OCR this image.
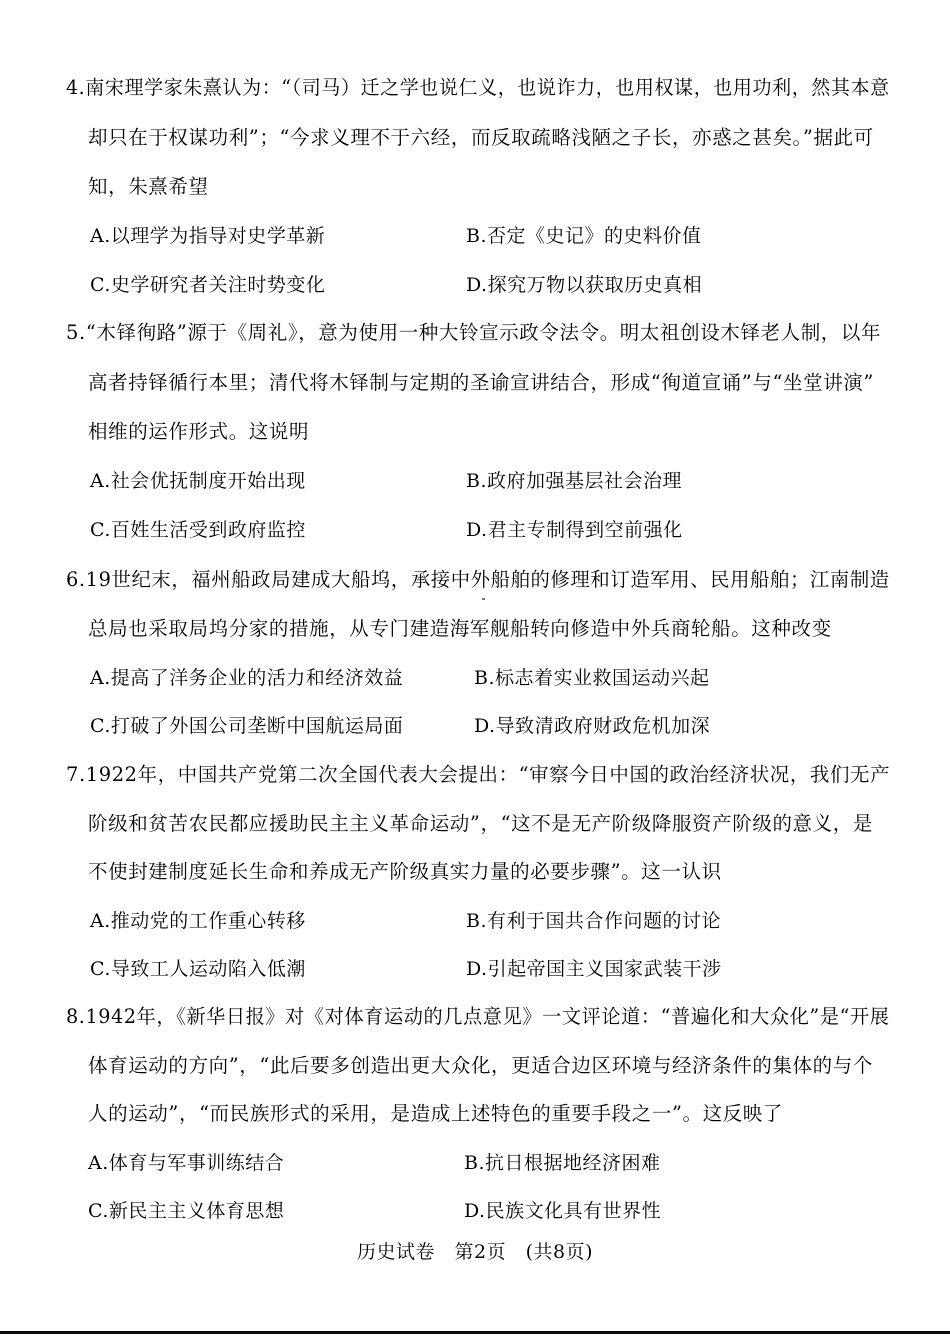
4.南宋理学家朱熹认为：“（司马）迁之学也说仁义，也说诈力，也用权谋，也用功利，然其本意
却只在于权谋功利”；“今求义理不于六经，而反取疏略浅陋之子长，亦惑之甚矣。”据此可
知，朱熹希望
A.以理学为指导对史学革新	B.否定《史记》的史料价值
C.史学研究者关注时势变化	D.探究万物以获取历史真相
5.“木铎徇路”源于《周礼》，意为使用一种大铃宣示政令法令。明太祖创设木铎老人制，以年
高者持铎循行本里；清代将木铎制与定期的圣谕宣讲结合，形成“徇道宣诵”与“坐堂讲演”
相维的运作形式。这说明
A.社会优抚制度开始出现	B.政府加强基层社会治理
C.百姓生活受到政府监控	D.君主专制得到空前强化
6.19世纪末，福州船政局建成大船坞，承接中外船舶的修理和订造军用、民用船舶；江南制造
总局也采取局坞分家的措施，从专门建造海军舰船转向修造中外兵商轮船。这种改变
A.提高了洋务企业的活力和经济效益	B.标志着实业救国运动兴起
C.打破了外国公司垄断中国航运局面	D.导致清政府财政危机加深
7.1922年，中国共产党第二次全国代表大会提出：“审察今日中国的政治经济状况，我们无产
阶级和贫苦农民都应援助民主主义革命运动”，“这不是无产阶级降服资产阶级的意义，是
不使封建制度延长生命和养成无产阶级真实力量的必要步骤”。这一认识
A.推动党的工作重心转移	B.有利于国共合作问题的讨论
C.导致工人运动陷入低潮	D.引起帝国主义国家武装干涉
8.1942年，《新华日报》对《对体育运动的几点意见》一文评论道：“普遍化和大众化”是“开展
体育运动的方向”，“此后要多创造出更大众化，更适合边区环境与经济条件的集体的与个
人的运动”，“而民族形式的采用，是造成上述特色的重要手段之一”。这反映了
A.体育与军事训练结合	B.抗日根据地经济困难
C.新民主主义体育思想	D.民族文化具有世界性
历史试卷　第2页　(共8页)
